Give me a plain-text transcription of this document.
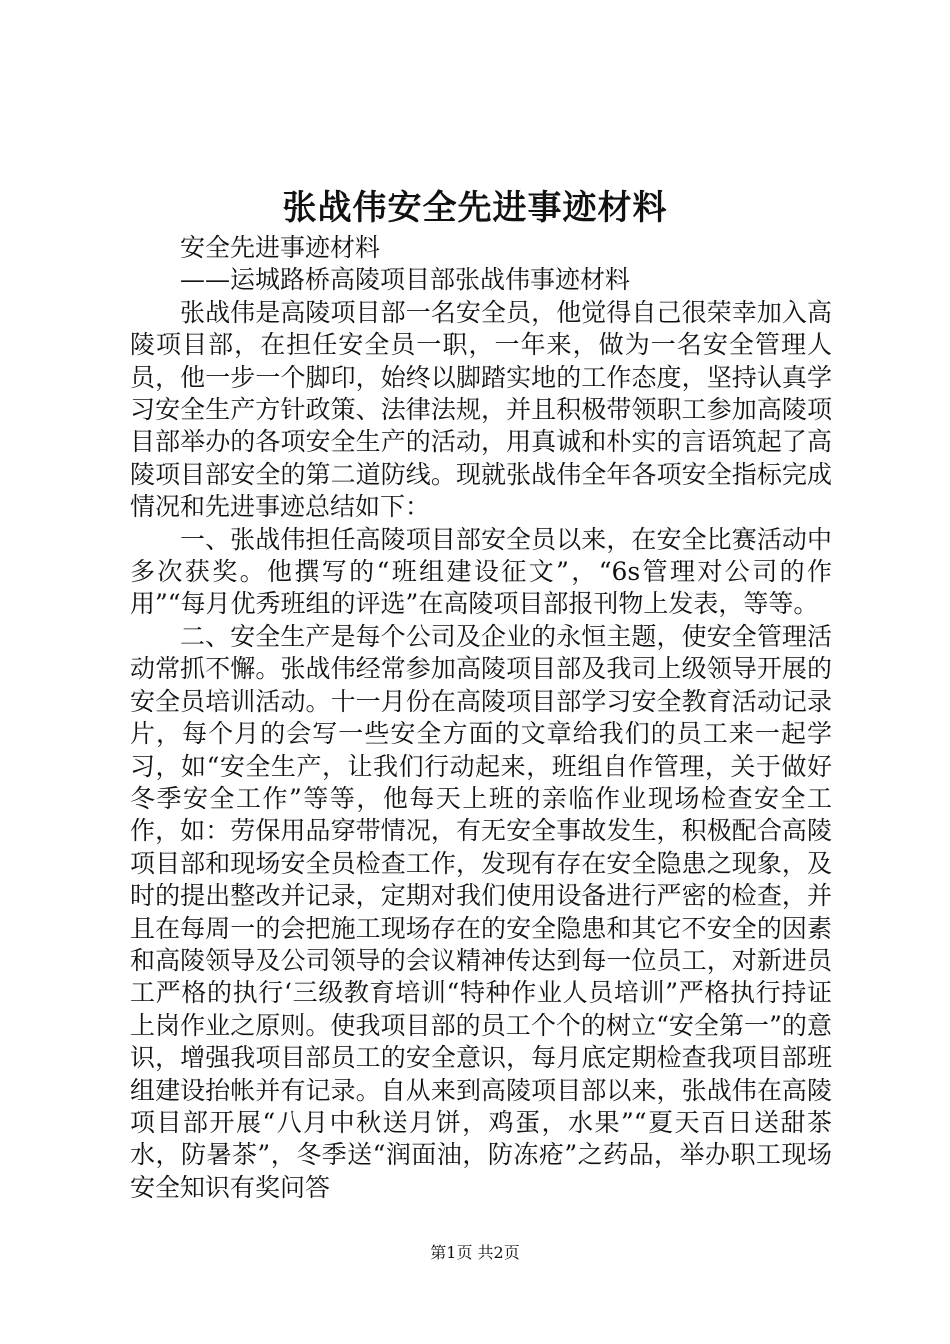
张战伟安全先进事迹材料

安全先进事迹材料

——运城路桥高陵项目部张战伟事迹材料

张战伟是高陵项目部一名安全员，他觉得自己很荣幸加入高陵项目部，在担任安全员一职，一年来，做为一名安全管理人员，他一步一个脚印，始终以脚踏实地的工作态度，坚持认真学习安全生产方针政策、法律法规，并且积极带领职工参加高陵项目部举办的各项安全生产的活动，用真诚和朴实的言语筑起了高陵项目部安全的第二道防线。现就张战伟全年各项安全指标完成情况和先进事迹总结如下：

一、张战伟担任高陵项目部安全员以来，在安全比赛活动中多次获奖。他撰写的“班组建设征文”，“6s管理对公司的作用”“每月优秀班组的评选”在高陵项目部报刊物上发表，等等。

二、安全生产是每个公司及企业的永恒主题，使安全管理活动常抓不懈。张战伟经常参加高陵项目部及我司上级领导开展的安全员培训活动。十一月份在高陵项目部学习安全教育活动记录片，每个月的会写一些安全方面的文章给我们的员工来一起学习，如“安全生产，让我们行动起来，班组自作管理，关于做好冬季安全工作”等等，他每天上班的亲临作业现场检查安全工作，如：劳保用品穿带情况，有无安全事故发生，积极配合高陵项目部和现场安全员检查工作，发现有存在安全隐患之现象，及时的提出整改并记录，定期对我们使用设备进行严密的检查，并且在每周一的会把施工现场存在的安全隐患和其它不安全的因素和高陵领导及公司领导的会议精神传达到每一位员工，对新进员工严格的执行‘三级教育培训“特种作业人员培训”严格执行持证上岗作业之原则。使我项目部的员工个个的树立“安全第一”的意识，增强我项目部员工的安全意识，每月底定期检查我项目部班组建设抬帐并有记录。自从来到高陵项目部以来，张战伟在高陵项目部开展“八月中秋送月饼，鸡蛋，水果”“夏天百日送甜茶水，防暑茶”，冬季送“润面油，防冻疮”之药品，举办职工现场安全知识有奖问答

第1页 共2页
